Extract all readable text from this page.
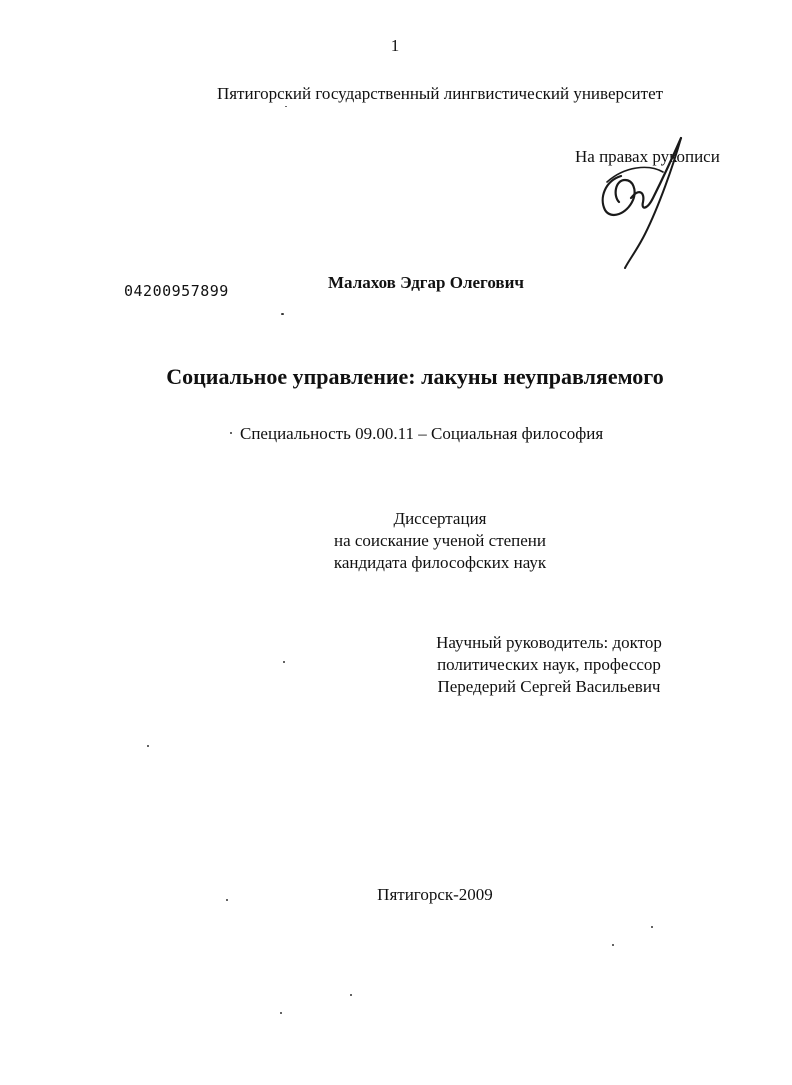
1
Пятигорский государственный лингвистический университет
На правах рукописи
04200957899	Малахов Эдгар Олегович
Социальное управление: лакуны неуправляемого
Специальность 09.00.11 – Социальная философия
Диссертация
на соискание ученой степени
кандидата философских наук
Научный руководитель: доктор
политических наук, профессор
Передерий Сергей Васильевич
Пятигорск-2009
